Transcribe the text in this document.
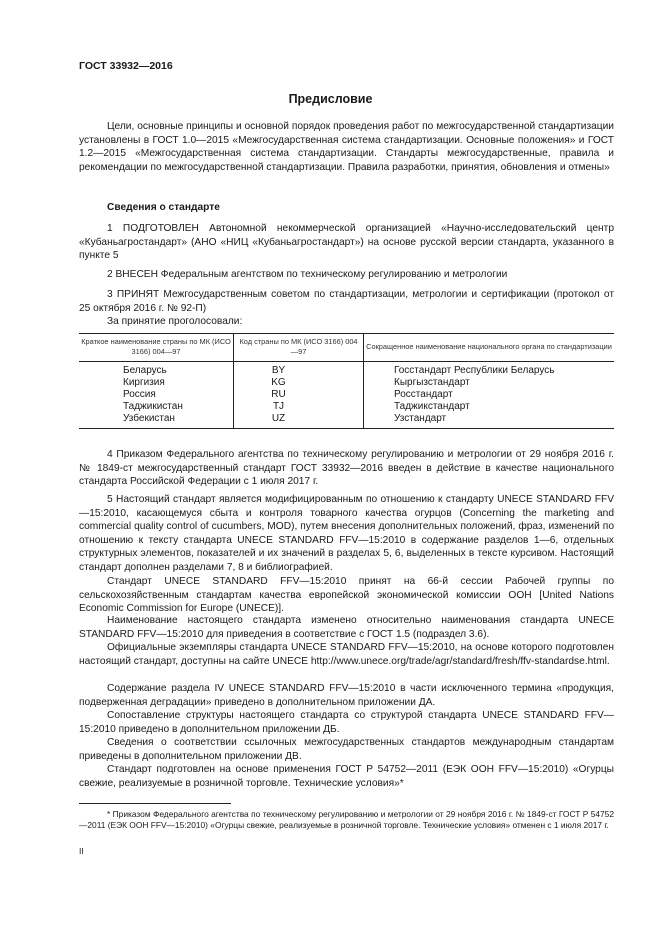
ГОСТ 33932—2016
Предисловие
Цели, основные принципы и основной порядок проведения работ по межгосударственной стандартизации установлены в ГОСТ 1.0—2015 «Межгосударственная система стандартизации. Основные положения» и ГОСТ 1.2—2015 «Межгосударственная система стандартизации. Стандарты межгосударственные, правила и рекомендации по межгосударственной стандартизации. Правила разработки, принятия, обновления и отмены»
Сведения о стандарте
1 ПОДГОТОВЛЕН Автономной некоммерческой организацией «Научно-исследовательский центр «Кубаньагростандарт» (АНО «НИЦ «Кубаньагростандарт») на основе русской версии стандарта, указанного в пункте 5
2 ВНЕСЕН Федеральным агентством по техническому регулированию и метрологии
3 ПРИНЯТ Межгосударственным советом по стандартизации, метрологии и сертификации (протокол от 25 октября 2016 г. № 92-П)
За принятие проголосовали:
Краткое наименование страны по МК (ИСО 3166) 004—97	Код страны по МК (ИСО 3166) 004—97	Сокращенное наименование национального органа по стандартизации
Беларусь	BY	Госстандарт Республики Беларусь
Киргизия	KG	Кыргызстандарт
Россия	RU	Росстандарт
Таджикистан	TJ	Таджикстандарт
Узбекистан	UZ	Узстандарт
4 Приказом Федерального агентства по техническому регулированию и метрологии от 29 ноября 2016 г. № 1849-ст межгосударственный стандарт ГОСТ 33932—2016 введен в действие в качестве национального стандарта Российской Федерации с 1 июля 2017 г.
5 Настоящий стандарт является модифицированным по отношению к стандарту UNECE STANDARD FFV—15:2010, касающемуся сбыта и контроля товарного качества огурцов (Concerning the marketing and commercial quality control of cucumbers, MOD), путем внесения дополнительных положений, фраз, изменений по отношению к тексту стандарта UNECE STANDARD FFV—15:2010 в содержание разделов 1—6, отдельных структурных элементов, показателей и их значений в разделах 5, 6, выделенных в тексте курсивом. Настоящий стандарт дополнен разделами 7, 8 и библиографией.
Стандарт UNECE STANDARD FFV—15:2010 принят на 66-й сессии Рабочей группы по сельскохозяйственным стандартам качества европейской экономической комиссии ООН [United Nations Economic Commission for Europe (UNECE)].
Наименование настоящего стандарта изменено относительно наименования стандарта UNECE STANDARD FFV—15:2010 для приведения в соответствие с ГОСТ 1.5 (подраздел 3.6).
Официальные экземпляры стандарта UNECE STANDARD FFV—15:2010, на основе которого подготовлен настоящий стандарт, доступны на сайте UNECE http://www.unece.org/trade/agr/standard/fresh/ffv-standardse.html.
Содержание раздела IV UNECE STANDARD FFV—15:2010 в части исключенного термина «продукция, подверженная деградации» приведено в дополнительном приложении ДА.
Сопоставление структуры настоящего стандарта со структурой стандарта UNECE STANDARD FFV—15:2010 приведено в дополнительном приложении ДБ.
Сведения о соответствии ссылочных межгосударственных стандартов международным стандартам приведены в дополнительном приложении ДВ.
Стандарт подготовлен на основе применения ГОСТ Р 54752—2011 (ЕЭК ООН FFV—15:2010) «Огурцы свежие, реализуемые в розничной торговле. Технические условия»*
* Приказом Федерального агентства по техническому регулированию и метрологии от 29 ноября 2016 г. № 1849-ст ГОСТ Р 54752—2011 (ЕЭК ООН FFV—15:2010) «Огурцы свежие, реализуемые в розничной торговле. Технические условия» отменен с 1 июля 2017 г.
II
